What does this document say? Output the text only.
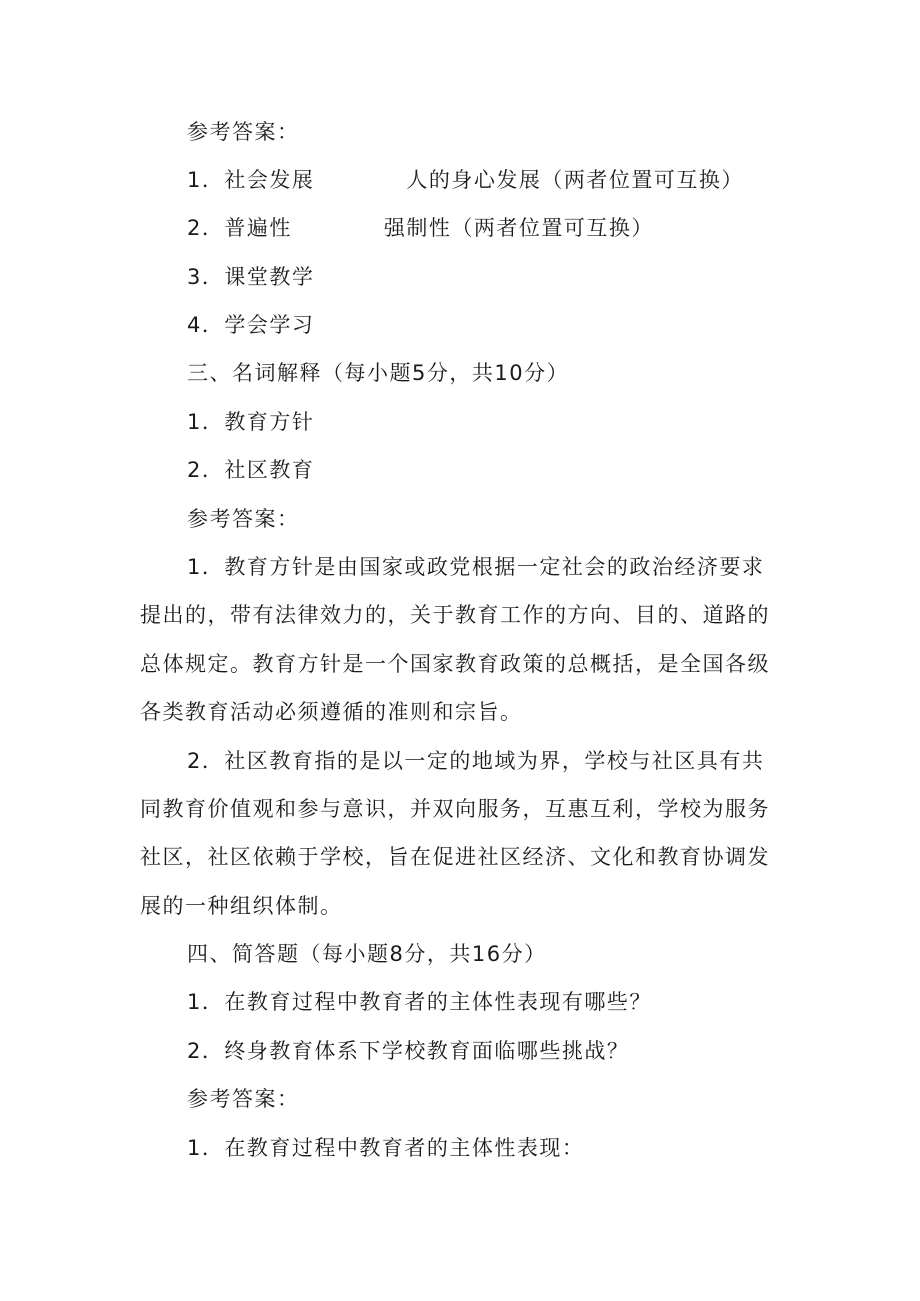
参考答案：
1．社会发展	人的身心发展（两者位置可互换）
2．普遍性	强制性（两者位置可互换）
3．课堂教学
4．学会学习
三、名词解释（每小题5分，共10分）
1．教育方针
2．社区教育
参考答案：
1．教育方针是由国家或政党根据一定社会的政治经济要求
提出的，带有法律效力的，关于教育工作的方向、目的、道路的
总体规定。教育方针是一个国家教育政策的总概括，是全国各级
各类教育活动必须遵循的准则和宗旨。
2．社区教育指的是以一定的地域为界，学校与社区具有共
同教育价值观和参与意识，并双向服务，互惠互利，学校为服务
社区，社区依赖于学校，旨在促进社区经济、文化和教育协调发
展的一种组织体制。
四、简答题（每小题8分，共16分）
1．在教育过程中教育者的主体性表现有哪些？
2．终身教育体系下学校教育面临哪些挑战？
参考答案：
1．在教育过程中教育者的主体性表现：
